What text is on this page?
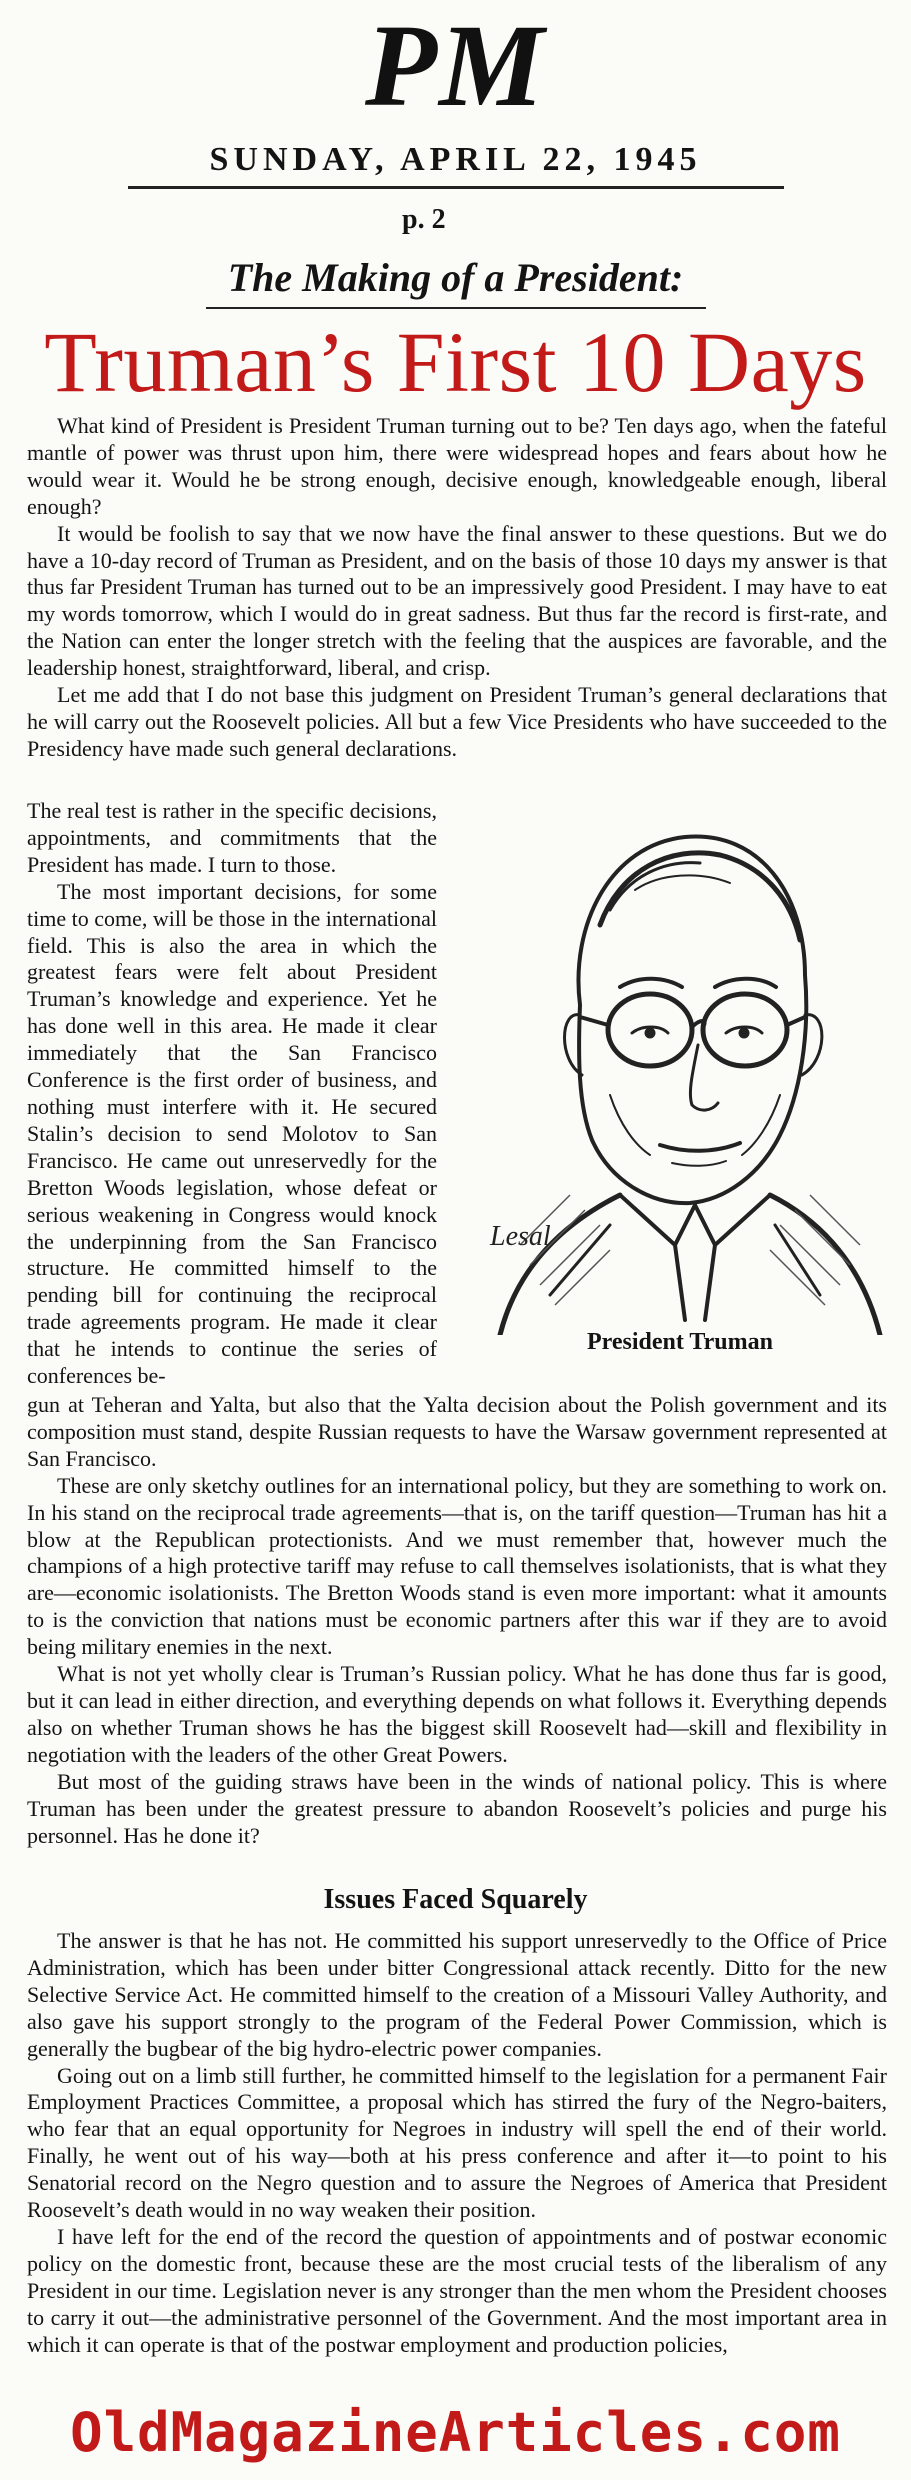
PM
SUNDAY, APRIL 22, 1945
p. 2
The Making of a President:
Truman’s First 10 Days

What kind of President is President Truman turning out to be? Ten days ago, when the fateful mantle of power was thrust upon him, there were widespread hopes and fears about how he would wear it. Would he be strong enough, decisive enough, knowledgeable enough, liberal enough?

It would be foolish to say that we now have the final answer to these questions. But we do have a 10-day record of Truman as President, and on the basis of those 10 days my answer is that thus far President Truman has turned out to be an impressively good President. I may have to eat my words tomorrow, which I would do in great sadness. But thus far the record is first-rate, and the Nation can enter the longer stretch with the feeling that the auspices are favorable, and the leadership honest, straightforward, liberal, and crisp.

Let me add that I do not base this judgment on President Truman’s general declarations that he will carry out the Roosevelt policies. All but a few Vice Presidents who have succeeded to the Presidency have made such general declarations.

The real test is rather in the specific decisions, appointments, and commitments that the President has made. I turn to those.

The most important decisions, for some time to come, will be those in the international field. This is also the area in which the greatest fears were felt about President Truman’s knowledge and experience. Yet he has done well in this area. He made it clear immediately that the San Francisco Conference is the first order of business, and nothing must interfere with it. He secured Stalin’s decision to send Molotov to San Francisco. He came out unreservedly for the Bretton Woods legislation, whose defeat or serious weakening in Congress would knock the underpinning from the San Francisco structure. He committed himself to the pending bill for continuing the reciprocal trade agreements program. He made it clear that he intends to continue the series of conferences be-

Lesal
President Truman

gun at Teheran and Yalta, but also that the Yalta decision about the Polish government and its composition must stand, despite Russian requests to have the Warsaw government represented at San Francisco.

These are only sketchy outlines for an international policy, but they are something to work on. In his stand on the reciprocal trade agreements—that is, on the tariff question—Truman has hit a blow at the Republican protectionists. And we must remember that, however much the champions of a high protective tariff may refuse to call themselves isolationists, that is what they are—economic isolationists. The Bretton Woods stand is even more important: what it amounts to is the conviction that nations must be economic partners after this war if they are to avoid being military enemies in the next.

What is not yet wholly clear is Truman’s Russian policy. What he has done thus far is good, but it can lead in either direction, and everything depends on what follows it. Everything depends also on whether Truman shows he has the biggest skill Roosevelt had—skill and flexibility in negotiation with the leaders of the other Great Powers.

But most of the guiding straws have been in the winds of national policy. This is where Truman has been under the greatest pressure to abandon Roosevelt’s policies and purge his personnel. Has he done it?

Issues Faced Squarely

The answer is that he has not. He committed his support unreservedly to the Office of Price Administration, which has been under bitter Congressional attack recently. Ditto for the new Selective Service Act. He committed himself to the creation of a Missouri Valley Authority, and also gave his support strongly to the program of the Federal Power Commission, which is generally the bugbear of the big hydro-electric power companies.

Going out on a limb still further, he committed himself to the legislation for a permanent Fair Employment Practices Committee, a proposal which has stirred the fury of the Negro-baiters, who fear that an equal opportunity for Negroes in industry will spell the end of their world. Finally, he went out of his way—both at his press conference and after it—to point to his Senatorial record on the Negro question and to assure the Negroes of America that President Roosevelt’s death would in no way weaken their position.

I have left for the end of the record the question of appointments and of postwar economic policy on the domestic front, because these are the most crucial tests of the liberalism of any President in our time. Legislation never is any stronger than the men whom the President chooses to carry it out—the administrative personnel of the Government. And the most important area in which it can operate is that of the postwar employment and production policies,

OldMagazineArticles.com
